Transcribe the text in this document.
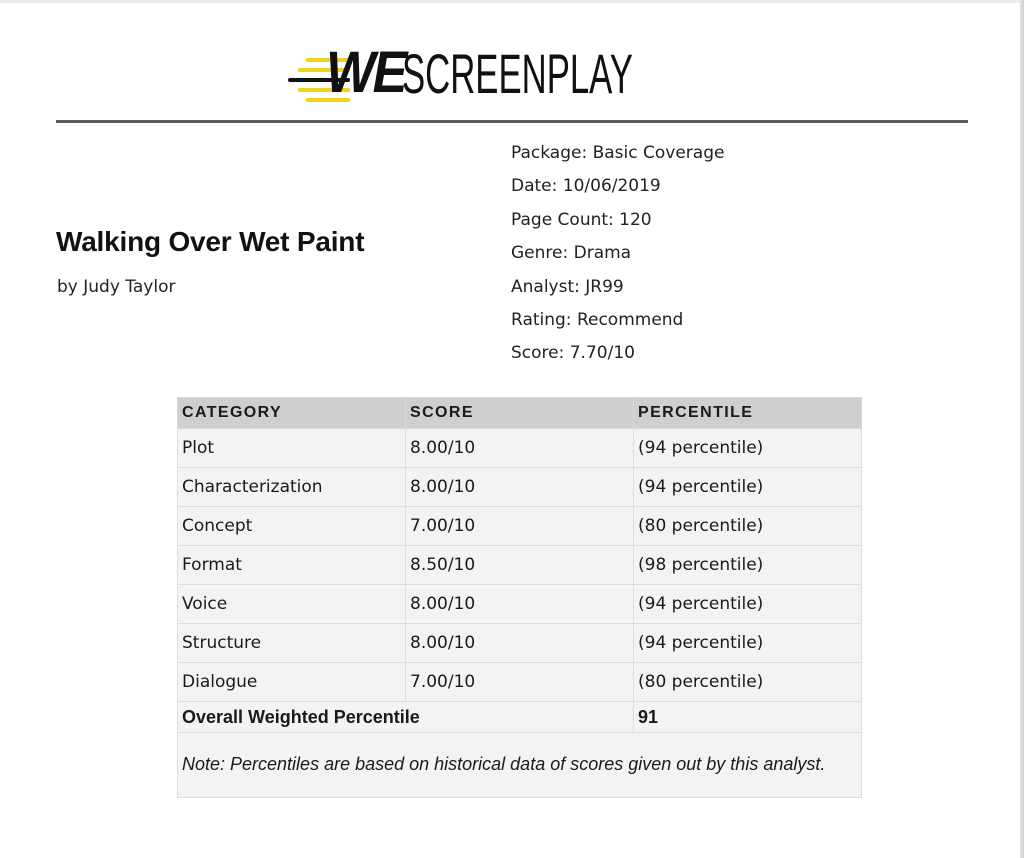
WE
SCREENPLAY
Walking Over Wet Paint
by Judy Taylor
Package: Basic Coverage
Date: 10/06/2019
Page Count: 120
Genre: Drama
Analyst: JR99
Rating: Recommend
Score: 7.70/10
CATEGORY	SCORE	PERCENTILE
Plot	8.00/10	(94 percentile)
Characterization	8.00/10	(94 percentile)
Concept	7.00/10	(80 percentile)
Format	8.50/10	(98 percentile)
Voice	8.00/10	(94 percentile)
Structure	8.00/10	(94 percentile)
Dialogue	7.00/10	(80 percentile)
Overall Weighted Percentile		91
Note: Percentiles are based on historical data of scores given out by this analyst.		
